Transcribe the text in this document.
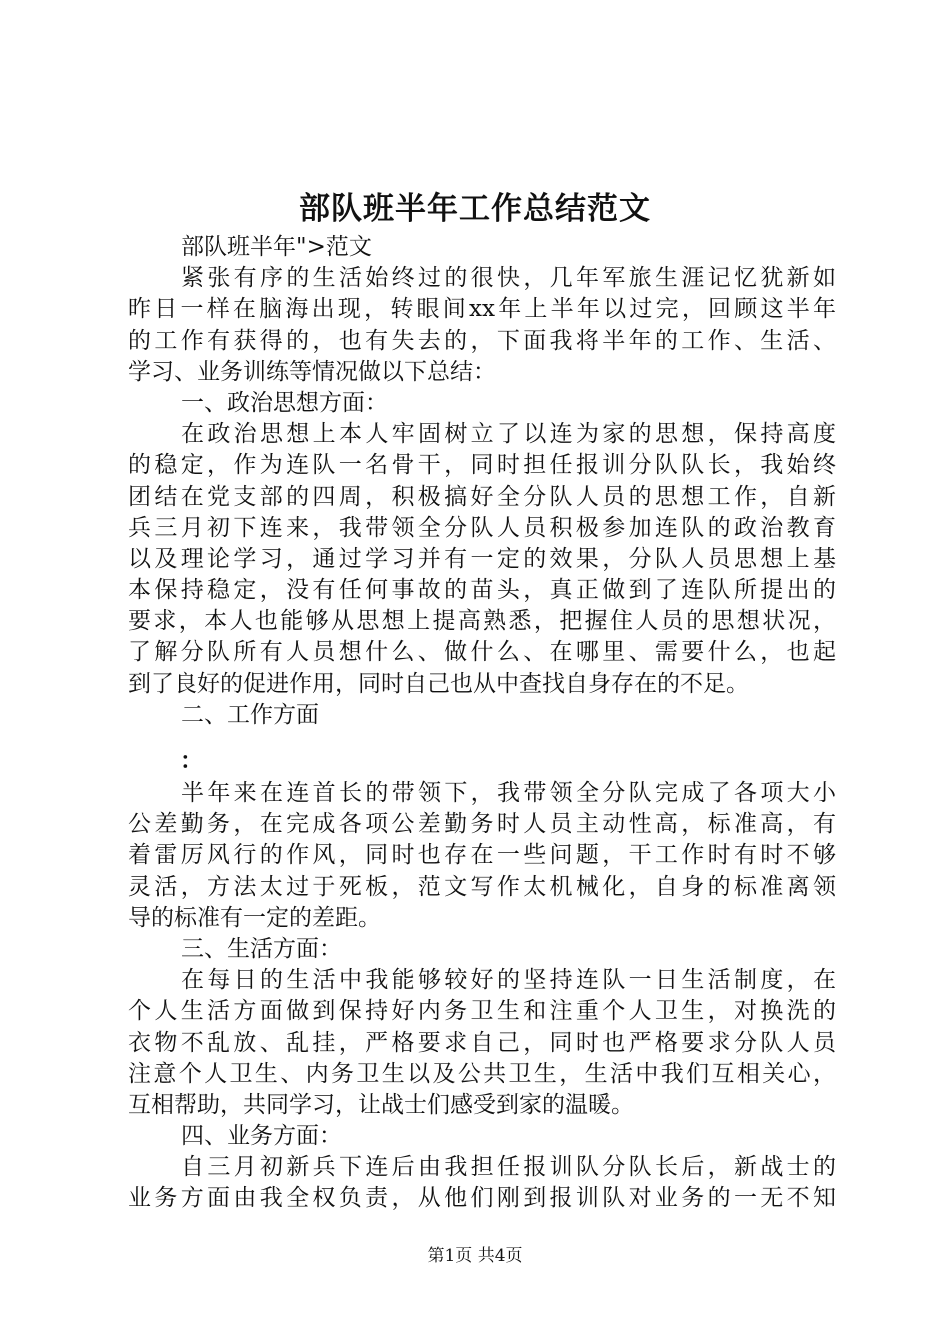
部队班半年工作总结范文
部队班半年">范文
紧张有序的生活始终过的很快，几年军旅生涯记忆犹新如
昨日一样在脑海出现，转眼间xx年上半年以过完，回顾这半年
的工作有获得的，也有失去的，下面我将半年的工作、生活、
学习、业务训练等情况做以下总结：
一、政治思想方面：
在政治思想上本人牢固树立了以连为家的思想，保持高度
的稳定，作为连队一名骨干，同时担任报训分队队长，我始终
团结在党支部的四周，积极搞好全分队人员的思想工作，自新
兵三月初下连来，我带领全分队人员积极参加连队的政治教育
以及理论学习，通过学习并有一定的效果，分队人员思想上基
本保持稳定，没有任何事故的苗头，真正做到了连队所提出的
要求，本人也能够从思想上提高熟悉，把握住人员的思想状况，
了解分队所有人员想什么、做什么、在哪里、需要什么，也起
到了良好的促进作用，同时自己也从中查找自身存在的不足。
二、工作方面
：
半年来在连首长的带领下，我带领全分队完成了各项大小
公差勤务，在完成各项公差勤务时人员主动性高，标准高，有
着雷厉风行的作风，同时也存在一些问题，干工作时有时不够
灵活，方法太过于死板，范文写作太机械化，自身的标准离领
导的标准有一定的差距。
三、生活方面：
在每日的生活中我能够较好的坚持连队一日生活制度，在
个人生活方面做到保持好内务卫生和注重个人卫生，对换洗的
衣物不乱放、乱挂，严格要求自己，同时也严格要求分队人员
注意个人卫生、内务卫生以及公共卫生，生活中我们互相关心，
互相帮助，共同学习，让战士们感受到家的温暖。
四、业务方面：
自三月初新兵下连后由我担任报训队分队长后，新战士的
业务方面由我全权负责，从他们刚到报训队对业务的一无不知
第1页 共4页
